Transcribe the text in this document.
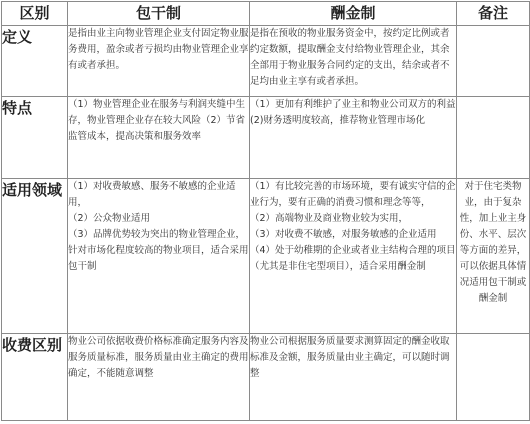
区别	包干制	酬金制	备注
定义	是指由业主向物业管理企业支付固定物业服务费用，盈余或者亏损均由物业管理企业享有或者承担。	是指在预收的物业服务资金中，按约定比例或者约定数额，提取酬金支付给物业管理企业，其余全部用于物业服务合同约定的支出，结余或者不足均由业主享有或者承担。	

特点	（1）物业管理企业在服务与利润夹缝中生存，物业管理企业存在较大风险（2）节省监管成本，提高决策和服务效率	（1）更加有利维护了业主和物业公司双方的利益
(2)财务透明度较高，推荐物业管理市场化	

适用领域	（1）对收费敏感、服务不敏感的企业适用，
（2）公众物业适用
（3）品牌优势较为突出的物业管理企业，针对市场化程度较高的物业项目，适合采用包干制	（1）有比较完善的市场环境，要有诚实守信的企业行为，要有正确的消费习惯和理念等等，
（2）高端物业及商业物业较为实用，
（3）对收费不敏感，对服务敏感的企业适用
（4）处于幼稚期的企业或者业主结构合理的项目（尤其是非住宅型项目），适合采用酬金制	对于住宅类物业，由于复杂性，加上业主身份、水平、层次等方面的差异，可以依据具体情况适用包干制或酬金制
收费区别	物业公司依据收费价格标准确定服务内容及服务质量标准，服务质量由业主确定的费用确定，不能随意调整	物业公司根据服务质量要求测算固定的酬金收取标准及金额，服务质量由业主确定，可以随时调整	
